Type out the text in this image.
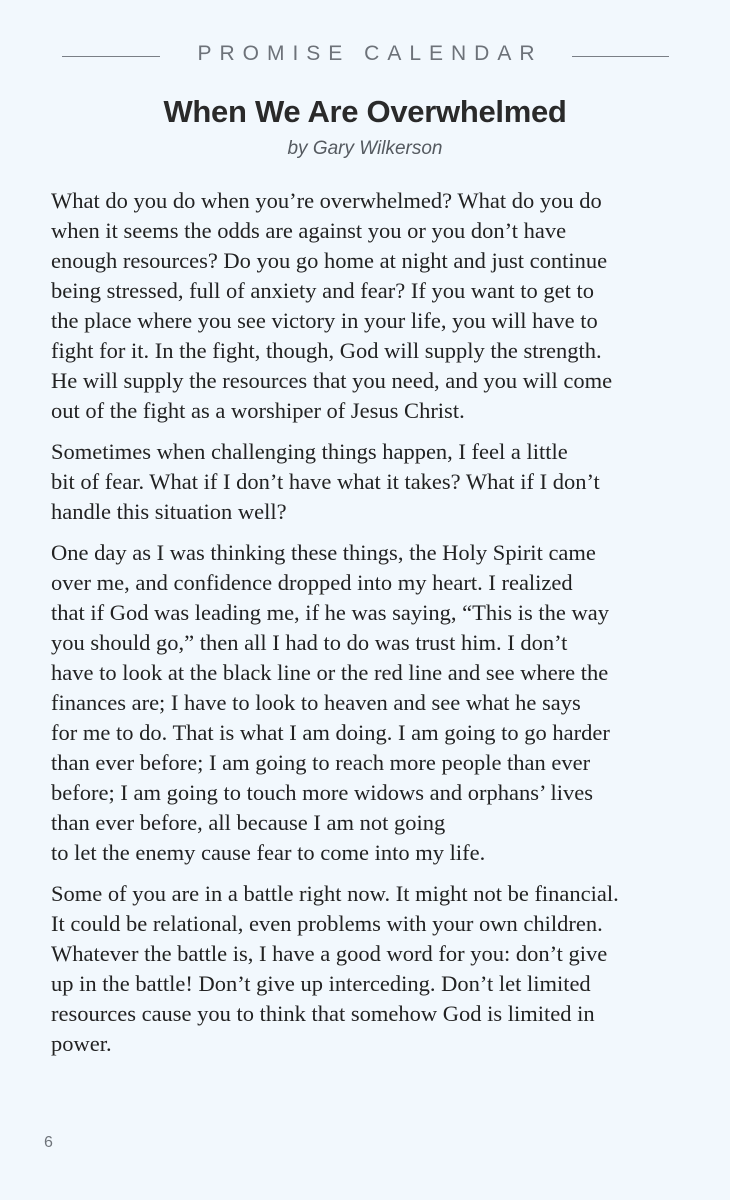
PROMISE CALENDAR
When We Are Overwhelmed
by Gary Wilkerson

What do you do when you’re overwhelmed? What do you do
when it seems the odds are against you or you don’t have
enough resources? Do you go home at night and just continue
being stressed, full of anxiety and fear? If you want to get to
the place where you see victory in your life, you will have to
fight for it. In the fight, though, God will supply the strength.
He will supply the resources that you need, and you will come
out of the fight as a worshiper of Jesus Christ.

Sometimes when challenging things happen, I feel a little
bit of fear. What if I don’t have what it takes? What if I don’t
handle this situation well?

One day as I was thinking these things, the Holy Spirit came
over me, and confidence dropped into my heart. I realized
that if God was leading me, if he was saying, “This is the way
you should go,” then all I had to do was trust him. I don’t
have to look at the black line or the red line and see where the
finances are; I have to look to heaven and see what he says
for me to do. That is what I am doing. I am going to go harder
than ever before; I am going to reach more people than ever
before; I am going to touch more widows and orphans’ lives
than ever before, all because I am not going
to let the enemy cause fear to come into my life.

Some of you are in a battle right now. It might not be financial.
It could be relational, even problems with your own children.
Whatever the battle is, I have a good word for you: don’t give
up in the battle! Don’t give up interceding. Don’t let limited
resources cause you to think that somehow God is limited in
power.

6
